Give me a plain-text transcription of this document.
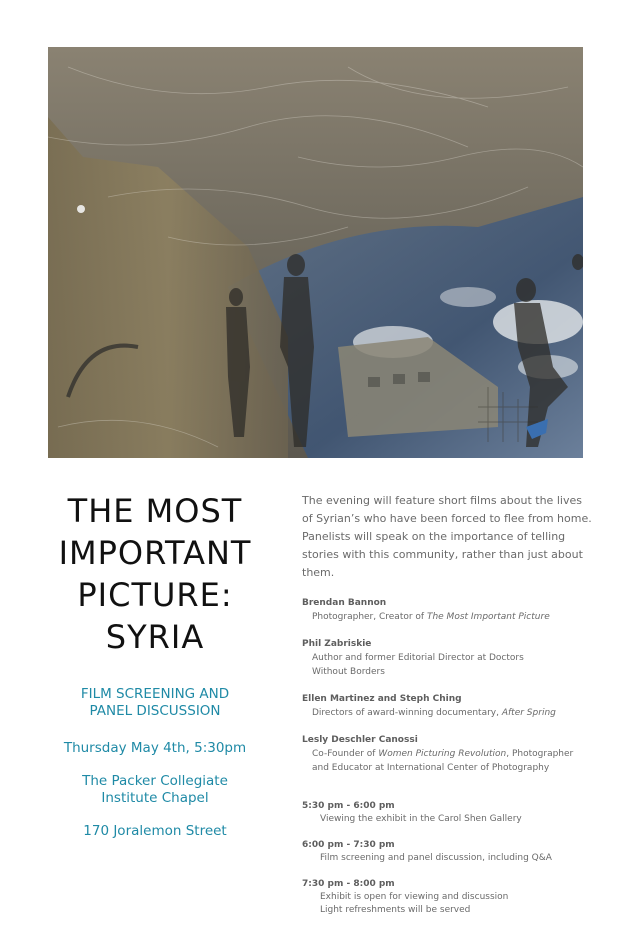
THE MOST
IMPORTANT
PICTURE:
SYRIA

FILM SCREENING AND
PANEL DISCUSSION

Thursday May 4th, 5:30pm

The Packer Collegiate
Institute Chapel

170 Joralemon Street

The evening will feature short films about the lives of Syrian’s who have been forced to flee from home. Panelists will speak on the importance of telling stories with this community, rather than just about them.

Brendan Bannon
Photographer, Creator of The Most Important Picture
Phil Zabriskie
Author and former Editorial Director at Doctors
Without Borders
Ellen Martinez and Steph Ching
Directors of award-winning documentary, After Spring
Lesly Deschler Canossi
Co-Founder of Women Picturing Revolution, Photographer
and Educator at International Center of Photography
5:30 pm - 6:00 pm
Viewing the exhibit in the Carol Shen Gallery
6:00 pm - 7:30 pm
Film screening and panel discussion, including Q&A
7:30 pm - 8:00 pm
Exhibit is open for viewing and discussion
Light refreshments will be served
